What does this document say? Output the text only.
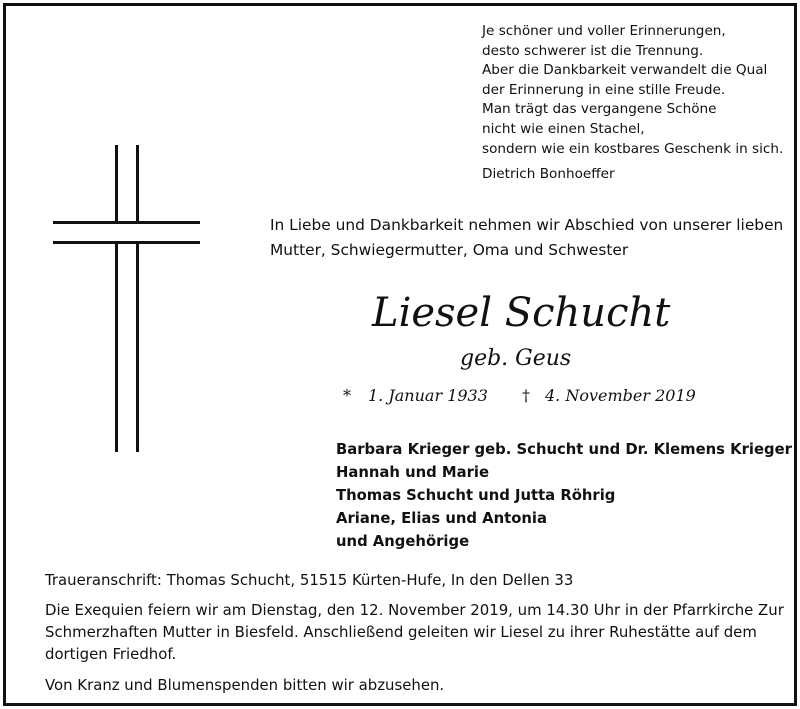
Je schöner und voller Erinnerungen,
desto schwerer ist die Trennung.
Aber die Dankbarkeit verwandelt die Qual
der Erinnerung in eine stille Freude.
Man trägt das vergangene Schöne
nicht wie einen Stachel,
sondern wie ein kostbares Geschenk in sich.
Dietrich Bonhoeffer
In Liebe und Dankbarkeit nehmen wir Abschied von unserer lieben
Mutter, Schwiegermutter, Oma und Schwester
Liesel Schucht
geb. Geus
* 1. Januar 1933 † 4. November 2019
Barbara Krieger geb. Schucht und Dr. Klemens Krieger
Hannah und Marie
Thomas Schucht und Jutta Röhrig
Ariane, Elias und Antonia
und Angehörige
Traueranschrift: Thomas Schucht, 51515 Kürten-Hufe, In den Dellen 33
Die Exequien feiern wir am Dienstag, den 12. November 2019, um 14.30 Uhr in der Pfarrkirche Zur
Schmerzhaften Mutter in Biesfeld. Anschließend geleiten wir Liesel zu ihrer Ruhestätte auf dem
dortigen Friedhof.
Von Kranz und Blumenspenden bitten wir abzusehen.
